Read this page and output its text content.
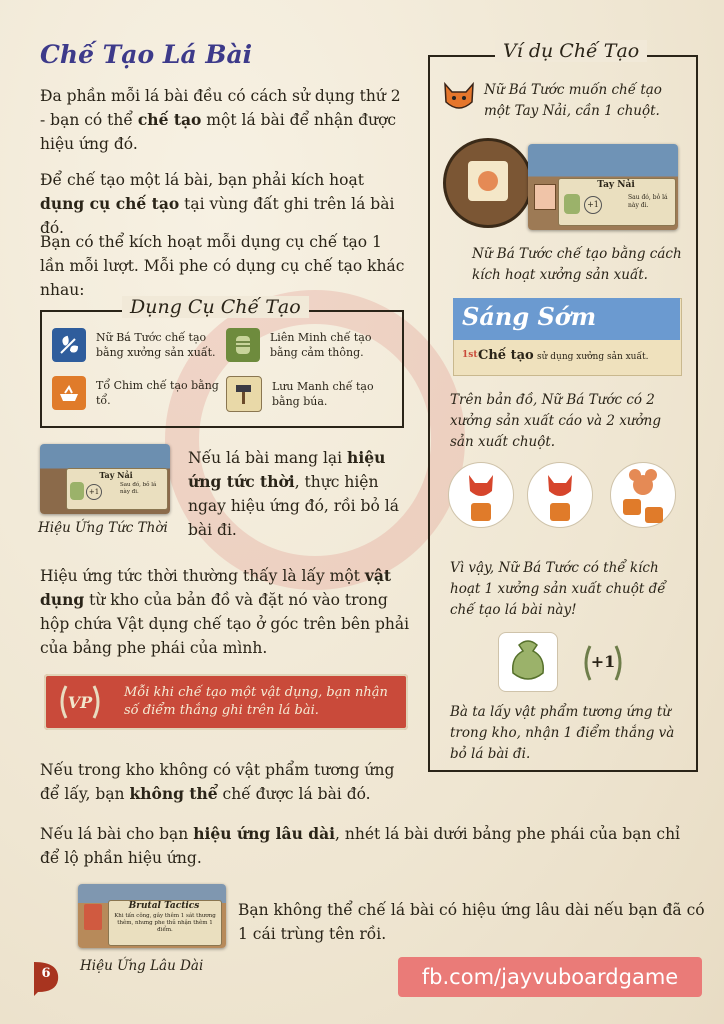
Chế Tạo Lá Bài
Đa phần mỗi lá bài đều có cách sử dụng thứ 2 - bạn có thể chế tạo một lá bài để nhận được hiệu ứng đó.
Để chế tạo một lá bài, bạn phải kích hoạt dụng cụ chế tạo tại vùng đất ghi trên lá bài đó.
Bạn có thể kích hoạt mỗi dụng cụ chế tạo 1 lần mỗi lượt. Mỗi phe có dụng cụ chế tạo khác nhau:
Dụng Cụ Chế Tạo
Nữ Bá Tước chế tạo bằng xưởng sản xuất.
Liên Minh chế tạo bằng cảm thông.
Tổ Chim chế tạo bằng tổ.
Lưu Manh chế tạo bằng búa.
Tay Nải
+1
Sau đó, bỏ lá này đi.
Hiệu Ứng Tức Thời
Nếu lá bài mang lại hiệu ứng tức thời, thực hiện ngay hiệu ứng đó, rồi bỏ lá bài đi.
Hiệu ứng tức thời thường thấy là lấy một vật dụng từ kho của bản đồ và đặt nó vào trong hộp chứa Vật dụng chế tạo ở góc trên bên phải của bảng phe phái của mình.
VP Mỗi khi chế tạo một vật dụng, bạn nhận số điểm thắng ghi trên lá bài.
Nếu trong kho không có vật phẩm tương ứng để lấy, bạn không thể chế được lá bài đó.
Nếu lá bài cho bạn hiệu ứng lâu dài, nhét lá bài dưới bảng phe phái của bạn chỉ để lộ phần hiệu ứng.
Brutal Tactics
Khi tấn công, gây thêm 1 sát thương thêm, nhưng phe thủ nhận thêm 1 điểm.
Hiệu Ứng Lâu Dài
Bạn không thể chế lá bài có hiệu ứng lâu dài nếu bạn đã có 1 cái trùng tên rồi.
Ví dụ Chế Tạo
Nữ Bá Tước muốn chế tạo một Tay Nải, cần 1 chuột.
Tay Nải
+1
Sau đó, bỏ lá này đi.
Nữ Bá Tước chế tạo bằng cách kích hoạt xưởng sản xuất.
Sáng Sớm
1st Chế tạo sử dụng xưởng sản xuất.
Trên bản đồ, Nữ Bá Tước có 2 xưởng sản xuất cáo và 2 xưởng sản xuất chuột.
Vì vậy, Nữ Bá Tước có thể kích hoạt 1 xưởng sản xuất chuột để chế tạo lá bài này!
+1
Bà ta lấy vật phẩm tương ứng từ trong kho, nhận 1 điểm thắng và bỏ lá bài đi.
6	fb.com/jayvuboardgame
